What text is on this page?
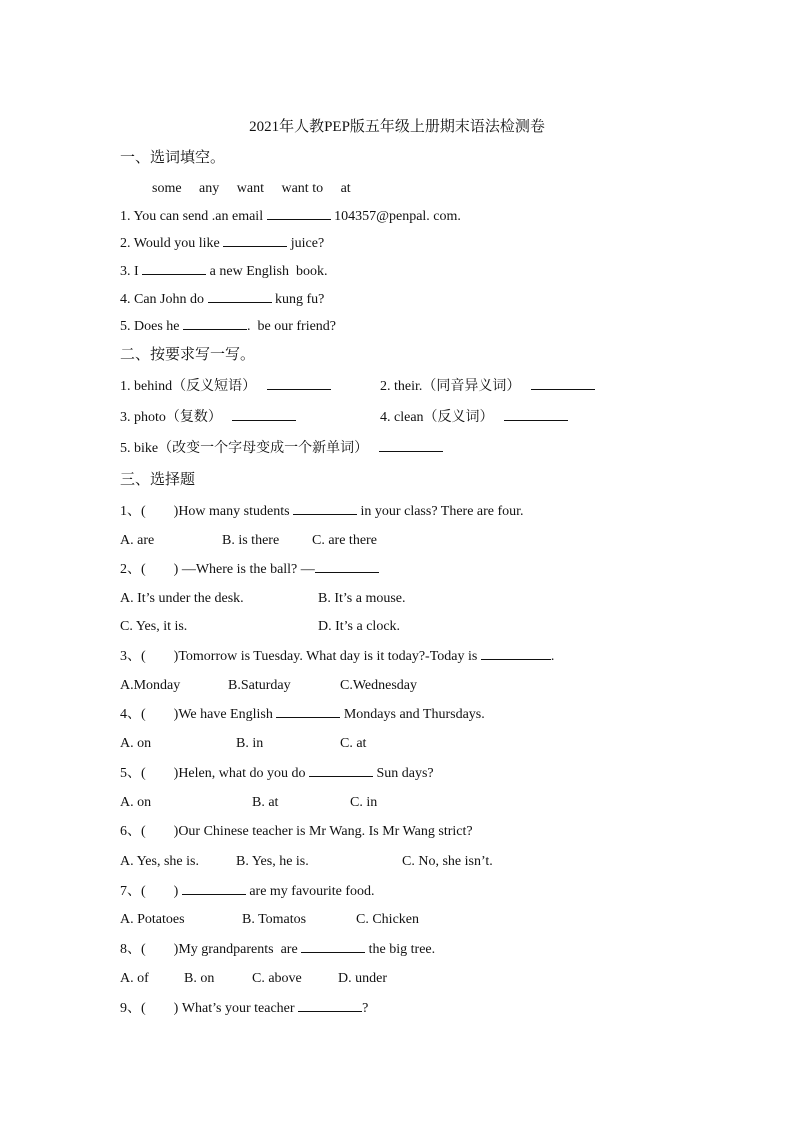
2021年人教PEP版五年级上册期末语法检测卷
一、选词填空。
some     any     want     want to     at
1. You can send .an email	104357@penpal. com.
2. Would you like	juice?
3. I	a new English  book.
4. Can John do	kung fu?
5. Does he	.  be our friend?
二、按要求写一写。
1. behind（反义短语）	2. their.（同音异义词）
3. photo（复数）	4. clean（反义词）
5. bike（改变一个字母变成一个新单词）
三、选择题
1、(        )How many students	in your class? There are four.
A. are	B. is there C. are there
2、(        ) —Where is the ball? —
A. It’s under the desk.	B. It’s a mouse.
C. Yes, it is.	D. It’s a clock.
3、(        )Tomorrow is Tuesday. What day is it today?-Today is	.
A.Monday	B.Saturday	C.Wednesday
4、(        )We have English	Mondays and Thursdays.
A. on	B. in	C. at
5、(        )Helen, what do you do	Sun days?
A. on	B. at	C. in
6、(        )Our Chinese teacher is Mr Wang. Is Mr Wang strict?
A. Yes, she is.	B. Yes, he is.	C. No, she isn’t.
7、(        )	are my favourite food.
A. Potatoes	B. Tomatos	C. Chicken
8、(        )My grandparents  are	the big tree.
A. of	B. on	C. above	D. under
9、(        ) What’s your teacher	?
